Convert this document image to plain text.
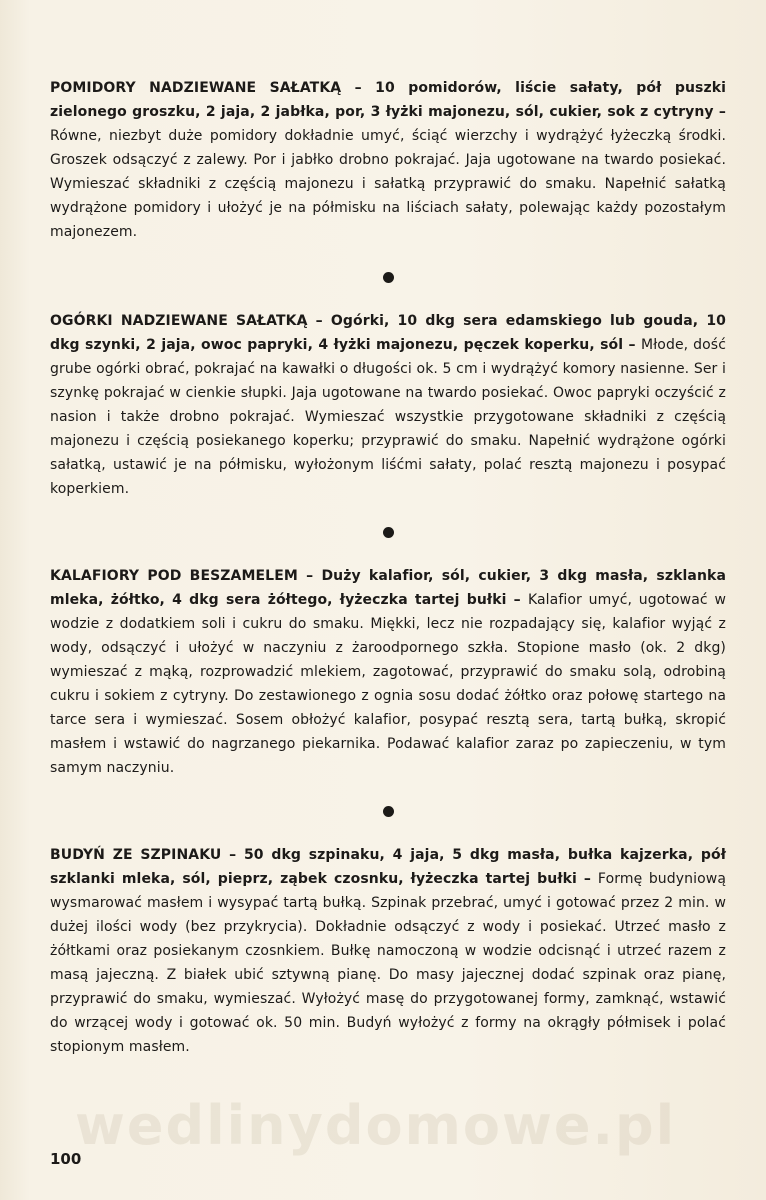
POMIDORY NADZIEWANE SAŁATKĄ – 10 pomidorów, liście sałaty, pół puszki zielonego groszku, 2 jaja, 2 jabłka, por, 3 łyżki majonezu, sól, cukier, sok z cytryny – Równe, niezbyt duże pomidory dokładnie umyć, ściąć wierzchy i wydrążyć łyżeczką środki. Groszek odsączyć z zalewy. Por i jabłko drobno pokrajać. Jaja ugotowane na twardo posiekać. Wymieszać składniki z częścią majonezu i sałatką przyprawić do smaku. Napełnić sałatką wydrążone pomidory i ułożyć je na półmisku na liściach sałaty, polewając każdy pozostałym majonezem.

OGÓRKI NADZIEWANE SAŁATKĄ – Ogórki, 10 dkg sera edamskiego lub gouda, 10 dkg szynki, 2 jaja, owoc papryki, 4 łyżki majonezu, pęczek koperku, sól – Młode, dość grube ogórki obrać, pokrajać na kawałki o długości ok. 5 cm i wydrążyć komory nasienne. Ser i szynkę pokrajać w cienkie słupki. Jaja ugotowane na twardo posiekać. Owoc papryki oczyścić z nasion i także drobno pokrajać. Wymieszać wszystkie przygotowane składniki z częścią majonezu i częścią posiekanego koperku; przyprawić do smaku. Napełnić wydrążone ogórki sałatką, ustawić je na półmisku, wyłożonym liśćmi sałaty, polać resztą majonezu i posypać koperkiem.

KALAFIORY POD BESZAMELEM – Duży kalafior, sól, cukier, 3 dkg masła, szklanka mleka, żółtko, 4 dkg sera żółtego, łyżeczka tartej bułki – Kalafior umyć, ugotować w wodzie z dodatkiem soli i cukru do smaku. Miękki, lecz nie rozpadający się, kalafior wyjąć z wody, odsączyć i ułożyć w naczyniu z żaroodpornego szkła. Stopione masło (ok. 2 dkg) wymieszać z mąką, rozprowadzić mlekiem, zagotować, przyprawić do smaku solą, odrobiną cukru i sokiem z cytryny. Do zestawionego z ognia sosu dodać żółtko oraz połowę startego na tarce sera i wymieszać. Sosem obłożyć kalafior, posypać resztą sera, tartą bułką, skropić masłem i wstawić do nagrzanego piekarnika. Podawać kalafior zaraz po zapieczeniu, w tym samym naczyniu.

BUDYŃ ZE SZPINAKU – 50 dkg szpinaku, 4 jaja, 5 dkg masła, bułka kajzerka, pół szklanki mleka, sól, pieprz, ząbek czosnku, łyżeczka tartej bułki – Formę budyniową wysmarować masłem i wysypać tartą bułką. Szpinak przebrać, umyć i gotować przez 2 min. w dużej ilości wody (bez przykrycia). Dokładnie odsączyć z wody i posiekać. Utrzeć masło z żółtkami oraz posiekanym czosnkiem. Bułkę namoczoną w wodzie odcisnąć i utrzeć razem z masą jajeczną. Z białek ubić sztywną pianę. Do masy jajecznej dodać szpinak oraz pianę, przyprawić do smaku, wymieszać. Wyłożyć masę do przygotowanej formy, zamknąć, wstawić do wrzącej wody i gotować ok. 50 min. Budyń wyłożyć z formy na okrągły półmisek i polać stopionym masłem.

wedlinydomowe.pl
100
